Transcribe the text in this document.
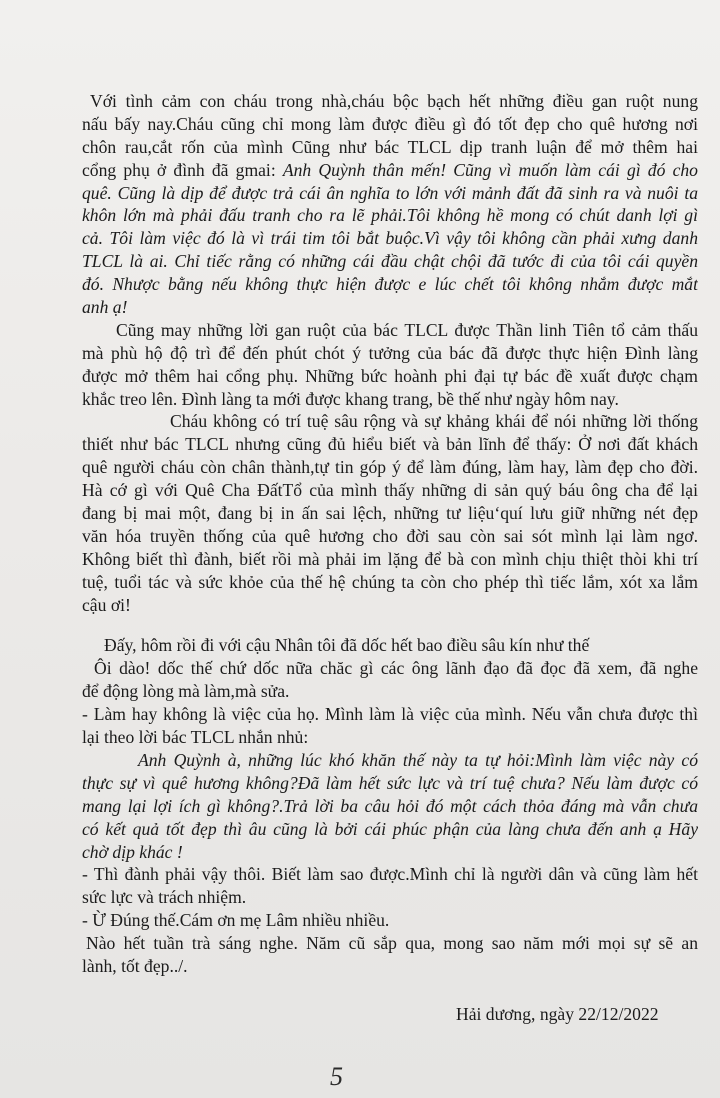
Với tình cảm con cháu trong nhà,cháu bộc bạch hết những điều gan ruột nung
nấu bấy nay.Cháu cũng chỉ mong làm được điều gì đó tốt đẹp cho quê hương nơi
chôn rau,cắt rốn của mình Cũng như bác TLCL dịp tranh luận để mở thêm hai
cổng phụ ở đình đã gmai: Anh Quỳnh thân mến! Cũng vì muốn làm cái gì đó cho
quê. Cũng là dịp để được trả cái ân nghĩa to lớn với mảnh đất đã sinh ra và nuôi ta
khôn lớn mà phải đấu tranh cho ra lẽ phải.Tôi không hề mong có chút danh lợi gì
cả. Tôi làm việc đó là vì trái tim tôi bắt buộc.Vì vậy tôi không cần phải xưng danh
TLCL là ai. Chỉ tiếc rằng có những cái đầu chật chội đã tước đi của tôi cái quyền
đó. Nhược bằng nếu không thực hiện được e lúc chết tôi không nhắm được mắt
anh ạ!
Cũng may những lời gan ruột của bác TLCL được Thần linh Tiên tổ cảm thấu
mà phù hộ độ trì để đến phút chót ý tưởng của bác đã được thực hiện Đình làng
được mở thêm hai cổng phụ. Những bức hoành phi đại tự bác đề xuất được chạm
khắc treo lên. Đình làng ta mới được khang trang, bề thế như ngày hôm nay.
Cháu không có trí tuệ sâu rộng và sự khảng khái để nói những lời thống
thiết như bác TLCL nhưng cũng đủ hiểu biết và bản lĩnh để thấy: Ở nơi đất khách
quê người cháu còn chân thành,tự tin góp ý để làm đúng, làm hay, làm đẹp cho đời.
Hà cớ gì với Quê Cha ĐấtTổ của mình thấy những di sản quý báu ông cha để lại
đang bị mai một, đang bị in ấn sai lệch, những tư liệu‘quí lưu giữ những nét đẹp
văn hóa truyền thống của quê hương cho đời sau còn sai sót mình lại làm ngơ.
Không biết thì đành, biết rồi mà phải im lặng để bà con mình chịu thiệt thòi khi trí
tuệ, tuổi tác và sức khỏe của thế hệ chúng ta còn cho phép thì tiếc lắm, xót xa lắm
cậu ơi!
Đấy, hôm rồi đi với cậu Nhân tôi đã dốc hết bao điều sâu kín như thế
Ôi dào! dốc thế chứ dốc nữa chăc gì các ông lãnh đạo đã đọc đã xem, đã nghe
để động lòng mà làm,mà sửa.
- Làm hay không là việc của họ. Mình làm là việc của mình. Nếu vẫn chưa được thì
lại theo lời bác TLCL nhắn nhủ:
Anh Quỳnh à, những lúc khó khăn thế này ta tự hỏi:Mình làm việc này có
thực sự vì quê hương không?Đã làm hết sức lực và trí tuệ chưa? Nếu làm được có
mang lại lợi ích gì không?.Trả lời ba câu hỏi đó một cách thỏa đáng mà vẫn chưa
có kết quả tốt đẹp thì âu cũng là bởi cái phúc phận của làng chưa đến anh ạ Hãy
chờ dịp khác !
- Thì đành phải vậy thôi. Biết làm sao được.Mình chỉ là người dân và cũng làm hết
sức lực và trách nhiệm.
- Ừ Đúng thế.Cám ơn mẹ Lâm nhiều nhiều.
Nào hết tuần trà sáng nghe. Năm cũ sắp qua, mong sao năm mới mọi sự sẽ an
lành, tốt đẹp../.
Hải dương, ngày 22/12/2022
5
